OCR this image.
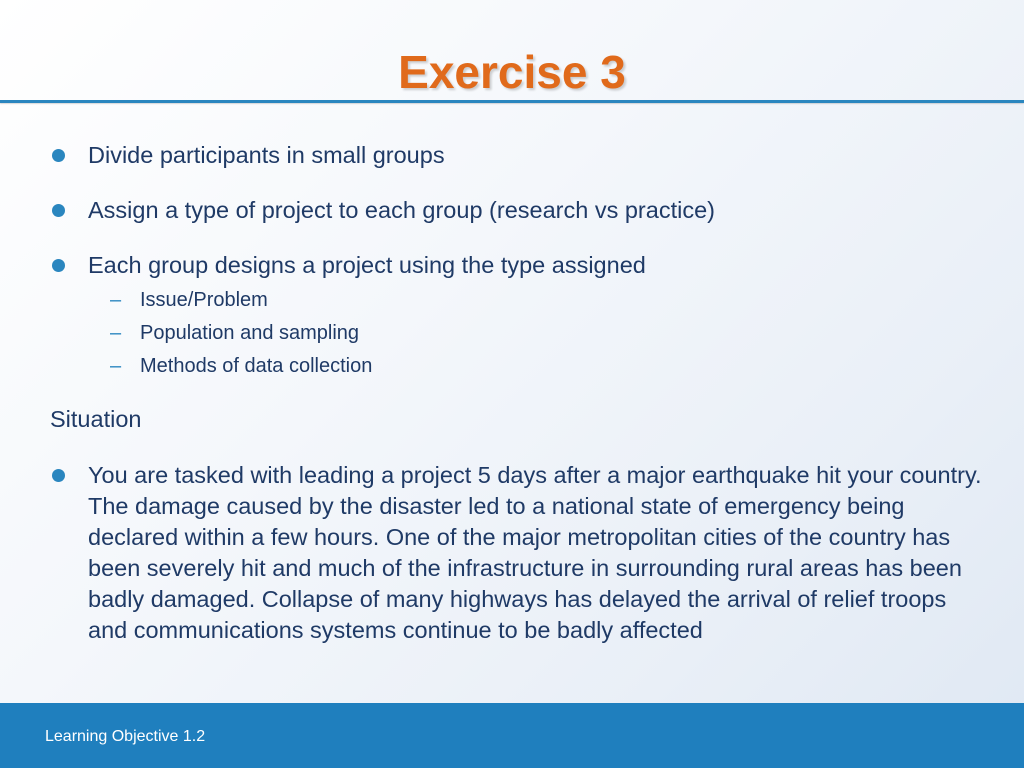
Exercise 3
Divide participants in small groups
Assign a type of project to each group (research vs practice)
Each group designs a project using the type assigned
– Issue/Problem
– Population and sampling
– Methods of data collection
Situation
You are tasked with leading a project 5 days after a major earthquake hit your country. The damage caused by the disaster led to a national state of emergency being declared within a few hours. One of the major metropolitan cities of the country has been severely hit and much of the infrastructure in surrounding rural areas has been badly damaged. Collapse of many highways has delayed the arrival of relief troops and communications systems continue to be badly affected
Learning Objective 1.2
